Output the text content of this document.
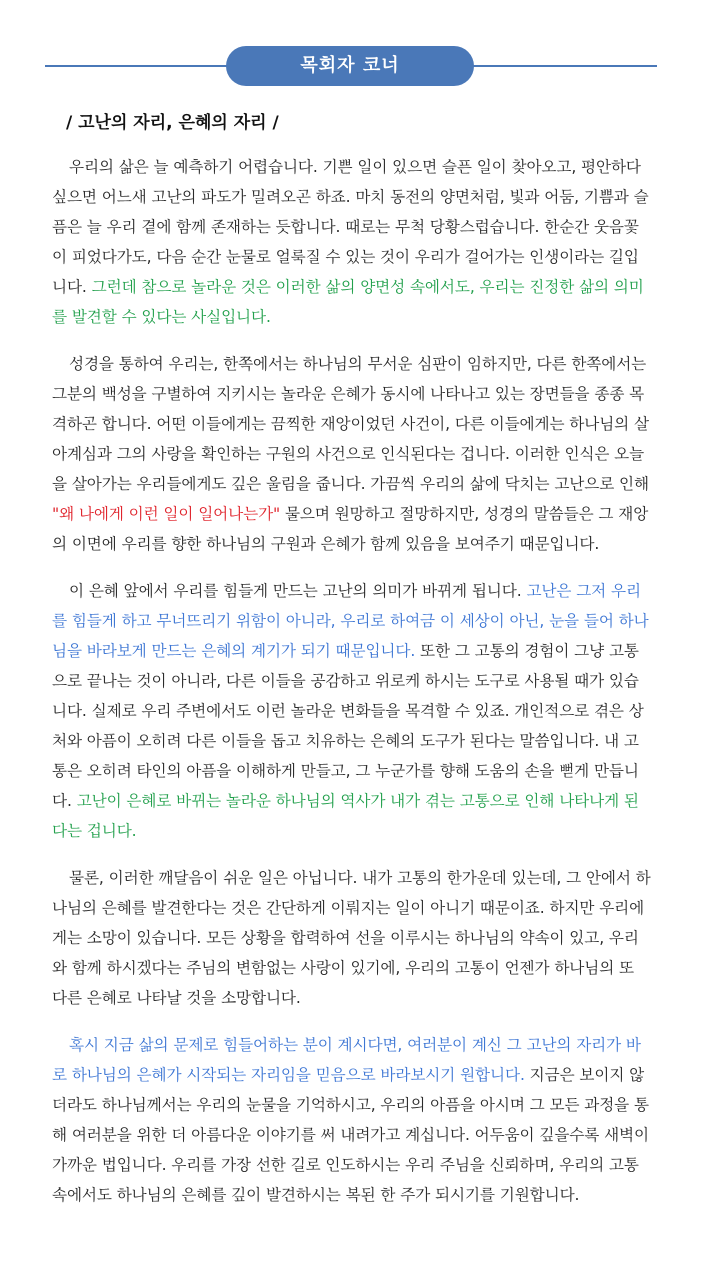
목회자 코너
/ 고난의 자리, 은혜의 자리 /

우리의 삶은 늘 예측하기 어렵습니다. 기쁜 일이 있으면 슬픈 일이 찾아오고, 평안하다 싶으면 어느새 고난의 파도가 밀려오곤 하죠. 마치 동전의 양면처럼, 빛과 어둠, 기쁨과 슬픔은 늘 우리 곁에 함께 존재하는 듯합니다. 때로는 무척 당황스럽습니다. 한순간 웃음꽃이 피었다가도, 다음 순간 눈물로 얼룩질 수 있는 것이 우리가 걸어가는 인생이라는 길입니다. 그런데 참으로 놀라운 것은 이러한 삶의 양면성 속에서도, 우리는 진정한 삶의 의미를 발견할 수 있다는 사실입니다.

성경을 통하여 우리는, 한쪽에서는 하나님의 무서운 심판이 임하지만, 다른 한쪽에서는 그분의 백성을 구별하여 지키시는 놀라운 은혜가 동시에 나타나고 있는 장면들을 종종 목격하곤 합니다. 어떤 이들에게는 끔찍한 재앙이었던 사건이, 다른 이들에게는 하나님의 살아계심과 그의 사랑을 확인하는 구원의 사건으로 인식된다는 겁니다. 이러한 인식은 오늘을 살아가는 우리들에게도 깊은 울림을 줍니다. 가끔씩 우리의 삶에 닥치는 고난으로 인해 "왜 나에게 이런 일이 일어나는가" 물으며 원망하고 절망하지만, 성경의 말씀들은 그 재앙의 이면에 우리를 향한 하나님의 구원과 은혜가 함께 있음을 보여주기 때문입니다.

이 은혜 앞에서 우리를 힘들게 만드는 고난의 의미가 바뀌게 됩니다. 고난은 그저 우리를 힘들게 하고 무너뜨리기 위함이 아니라, 우리로 하여금 이 세상이 아닌, 눈을 들어 하나님을 바라보게 만드는 은혜의 계기가 되기 때문입니다. 또한 그 고통의 경험이 그냥 고통으로 끝나는 것이 아니라, 다른 이들을 공감하고 위로케 하시는 도구로 사용될 때가 있습니다. 실제로 우리 주변에서도 이런 놀라운 변화들을 목격할 수 있죠. 개인적으로 겪은 상처와 아픔이 오히려 다른 이들을 돕고 치유하는 은혜의 도구가 된다는 말씀입니다. 내 고통은 오히려 타인의 아픔을 이해하게 만들고, 그 누군가를 향해 도움의 손을 뻗게 만듭니다. 고난이 은혜로 바뀌는 놀라운 하나님의 역사가 내가 겪는 고통으로 인해 나타나게 된다는 겁니다.

물론, 이러한 깨달음이 쉬운 일은 아닙니다. 내가 고통의 한가운데 있는데, 그 안에서 하나님의 은혜를 발견한다는 것은 간단하게 이뤄지는 일이 아니기 때문이죠. 하지만 우리에게는 소망이 있습니다. 모든 상황을 합력하여 선을 이루시는 하나님의 약속이 있고, 우리와 함께 하시겠다는 주님의 변함없는 사랑이 있기에, 우리의 고통이 언젠가 하나님의 또 다른 은혜로 나타날 것을 소망합니다.

혹시 지금 삶의 문제로 힘들어하는 분이 계시다면, 여러분이 계신 그 고난의 자리가 바로 하나님의 은혜가 시작되는 자리임을 믿음으로 바라보시기 원합니다. 지금은 보이지 않더라도 하나님께서는 우리의 눈물을 기억하시고, 우리의 아픔을 아시며 그 모든 과정을 통해 여러분을 위한 더 아름다운 이야기를 써 내려가고 계십니다. 어두움이 깊을수록 새벽이 가까운 법입니다. 우리를 가장 선한 길로 인도하시는 우리 주님을 신뢰하며, 우리의 고통 속에서도 하나님의 은혜를 깊이 발견하시는 복된 한 주가 되시기를 기원합니다.
